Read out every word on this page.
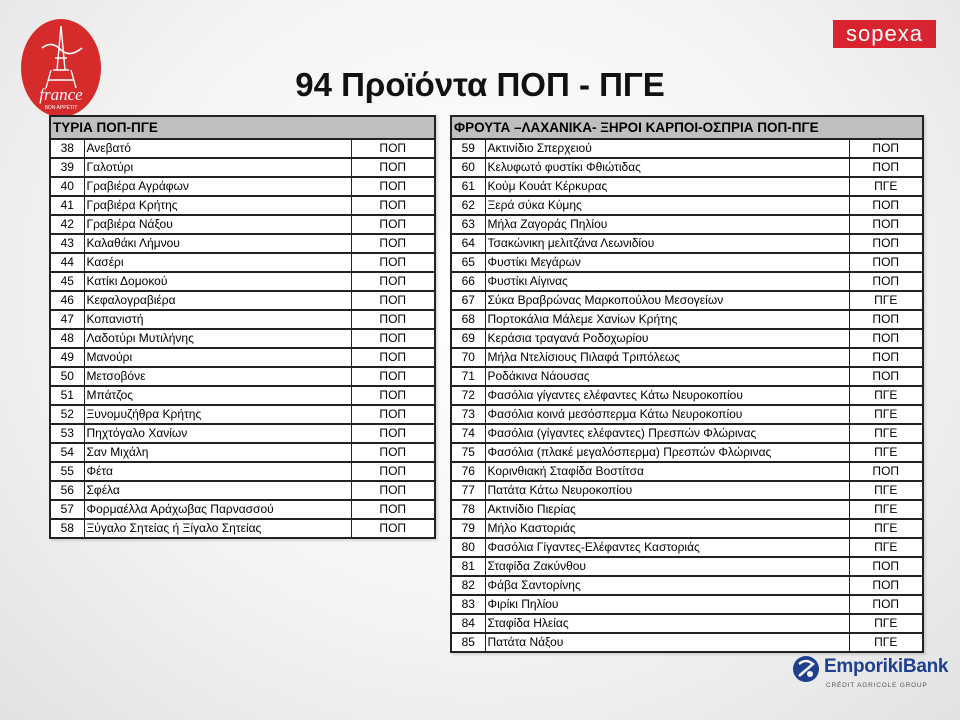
france
BON APPÉTIT
sopexa
94 Προϊόντα ΠΟΠ - ΠΓΕ
ΤΥΡΙΑ ΠΟΠ-ΠΓΕ		
38	Ανεβατό	ΠΟΠ
39	Γαλοτύρι	ΠΟΠ
40	Γραβιέρα Αγράφων	ΠΟΠ
41	Γραβιέρα Κρήτης	ΠΟΠ
42	Γραβιέρα Νάξου	ΠΟΠ
43	Καλαθάκι Λήμνου	ΠΟΠ
44	Κασέρι	ΠΟΠ
45	Κατίκι Δομοκού	ΠΟΠ
46	Κεφαλογραβιέρα	ΠΟΠ
47	Κοπανιστή	ΠΟΠ
48	Λαδοτύρι Μυτιλήνης	ΠΟΠ
49	Μανούρι	ΠΟΠ
50	Μετσοβόνε	ΠΟΠ
51	Μπάτζος	ΠΟΠ
52	Ξυνομυζήθρα Κρήτης	ΠΟΠ
53	Πηχτόγαλο Χανίων	ΠΟΠ
54	Σαν Μιχάλη	ΠΟΠ
55	Φέτα	ΠΟΠ
56	Σφέλα	ΠΟΠ
57	Φορμαέλλα Αράχωβας Παρνασσού	ΠΟΠ
58	Ξύγαλο Σητείας ή Ξίγαλο Σητείας	ΠΟΠ
ΦΡΟΥΤΑ –ΛΑΧΑΝΙΚΑ- ΞΗΡΟΙ ΚΑΡΠΟΙ-ΟΣΠΡΙΑ ΠΟΠ-ΠΓΕ		
59	Ακτινίδιο Σπερχειού	ΠΟΠ
60	Κελυφωτό φυστίκι Φθιώτιδας	ΠΟΠ
61	Κούμ Κουάτ Κέρκυρας	ΠΓΕ
62	Ξερά σύκα Κύμης	ΠΟΠ
63	Μήλα Ζαγοράς Πηλίου	ΠΟΠ
64	Τσακώνικη μελιτζάνα Λεωνιδίου	ΠΟΠ
65	Φυστίκι Μεγάρων	ΠΟΠ
66	Φυστίκι Αίγινας	ΠΟΠ
67	Σύκα Βραβρώνας Μαρκοπούλου Μεσογείων	ΠΓΕ
68	Πορτοκάλια Μάλεμε Χανίων Κρήτης	ΠΟΠ
69	Κεράσια τραγανά Ροδοχωρίου	ΠΟΠ
70	Μήλα Ντελίσιους Πιλαφά Τριπόλεως	ΠΟΠ
71	Ροδάκινα Νάουσας	ΠΟΠ
72	Φασόλια γίγαντες ελέφαντες Κάτω Νευροκοπίου	ΠΓΕ
73	Φασόλια κοινά μεσόσπερμα Κάτω Νευροκοπίου	ΠΓΕ
74	Φασόλια (γίγαντες ελέφαντες) Πρεσπών Φλώρινας	ΠΓΕ
75	Φασόλια (πλακέ μεγαλόσπερμα) Πρεσπών Φλώρινας	ΠΓΕ
76	Κορινθιακή Σταφίδα Βοστίτσα	ΠΟΠ
77	Πατάτα Κάτω Νευροκοπίου	ΠΓΕ
78	Ακτινίδιο Πιερίας	ΠΓΕ
79	Μήλο Καστοριάς	ΠΓΕ
80	Φασόλια Γίγαντες-Ελέφαντες Καστοριάς	ΠΓΕ
81	Σταφίδα Ζακύνθου	ΠΟΠ
82	Φάβα Σαντορίνης	ΠΟΠ
83	Φιρίκι Πηλίου	ΠΟΠ
84	Σταφίδα Ηλείας	ΠΓΕ
85	Πατάτα Νάξου	ΠΓΕ
EmporikiBank
CRÉDIT AGRICOLE GROUP
